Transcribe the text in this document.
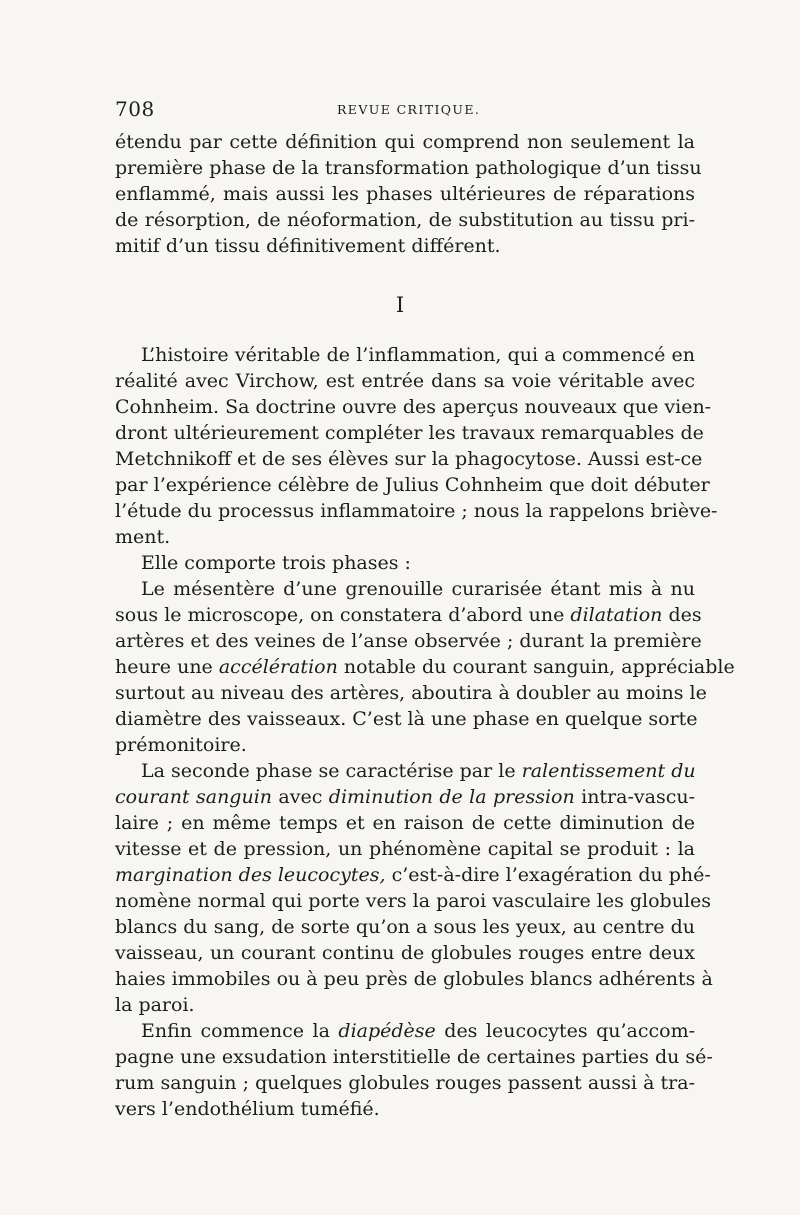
708	REVUE CRITIQUE.
étendu par cette définition qui comprend non seulement la
première phase de la transformation pathologique d’un tissu
enflammé, mais aussi les phases ultérieures de réparations
de résorption, de néoformation, de substitution au tissu pri-
mitif d’un tissu définitivement différent.
I
L’histoire véritable de l’inflammation, qui a commencé en
réalité avec Virchow, est entrée dans sa voie véritable avec
Cohnheim. Sa doctrine ouvre des aperçus nouveaux que vien-
dront ultérieurement compléter les travaux remarquables de
Metchnikoff et de ses élèves sur la phagocytose. Aussi est-ce
par l’expérience célèbre de Julius Cohnheim que doit débuter
l’étude du processus inflammatoire ; nous la rappelons briève-
ment.
Elle comporte trois phases :
Le mésentère d’une grenouille curarisée étant mis à nu
sous le microscope, on constatera d’abord une dilatation des
artères et des veines de l’anse observée ; durant la première
heure une accélération notable du courant sanguin, appréciable
surtout au niveau des artères, aboutira à doubler au moins le
diamètre des vaisseaux. C’est là une phase en quelque sorte
prémonitoire.
La seconde phase se caractérise par le ralentissement du
courant sanguin avec diminution de la pression intra-vascu-
laire ; en même temps et en raison de cette diminution de
vitesse et de pression, un phénomène capital se produit : la
margination des leucocytes, c’est-à-dire l’exagération du phé-
nomène normal qui porte vers la paroi vasculaire les globules
blancs du sang, de sorte qu’on a sous les yeux, au centre du
vaisseau, un courant continu de globules rouges entre deux
haies immobiles ou à peu près de globules blancs adhérents à
la paroi.
Enfin commence la diapédèse des leucocytes qu’accom-
pagne une exsudation interstitielle de certaines parties du sé-
rum sanguin ; quelques globules rouges passent aussi à tra-
vers l’endothélium tuméfié.
